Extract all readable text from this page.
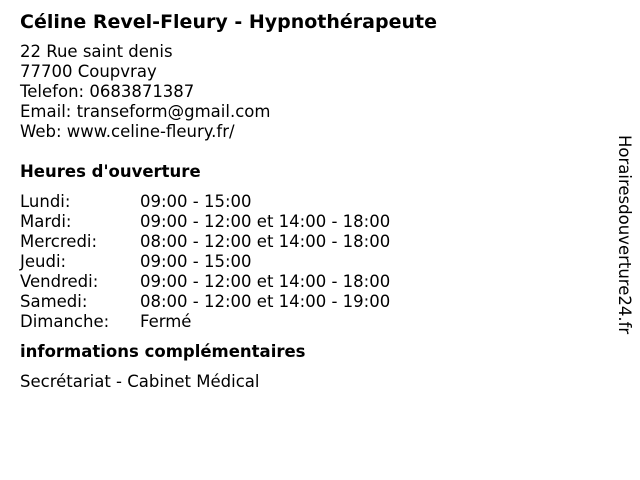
Céline Revel-Fleury - Hypnothérapeute
22 Rue saint denis
77700 Coupvray
Telefon: 0683871387
Email: transeform@gmail.com
Web: www.celine-fleury.fr/
Heures d'ouverture
Lundi:	09:00 - 15:00
Mardi:	09:00 - 12:00 et 14:00 - 18:00
Mercredi:	08:00 - 12:00 et 14:00 - 18:00
Jeudi:	09:00 - 15:00
Vendredi:	09:00 - 12:00 et 14:00 - 18:00
Samedi:	08:00 - 12:00 et 14:00 - 19:00
Dimanche:	Fermé
informations complémentaires
Secrétariat - Cabinet Médical
Horairesdouverture24.fr
